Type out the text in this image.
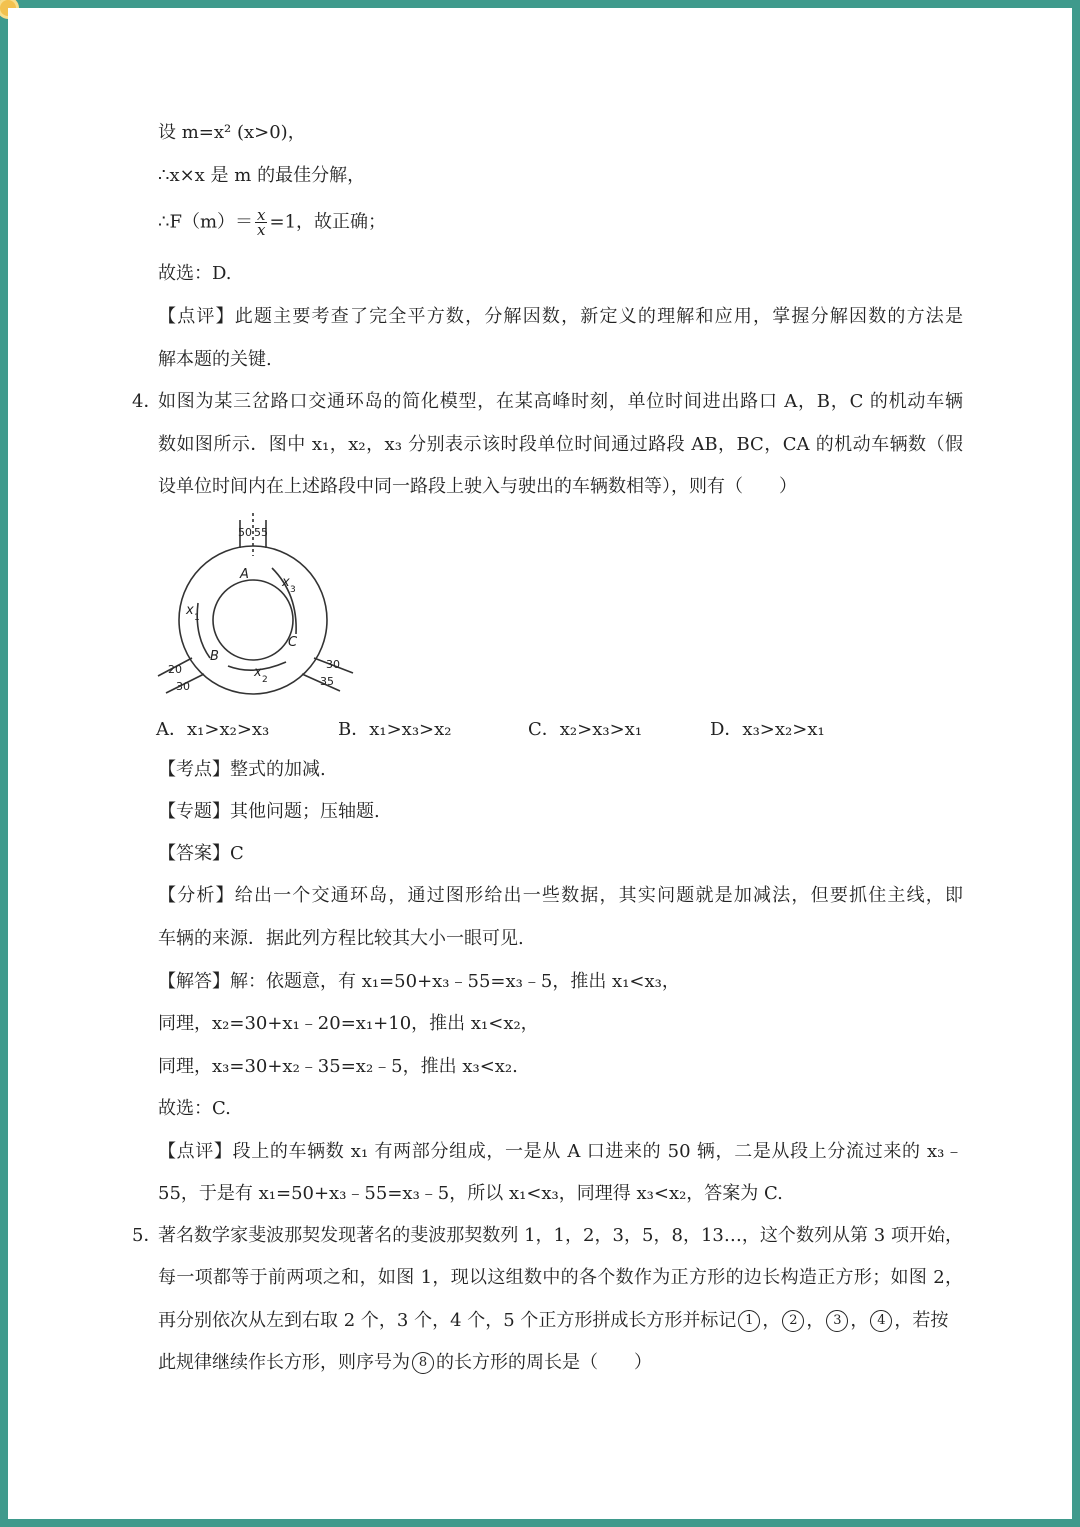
设 m=x² (x>0)，
∴x×x 是 m 的最佳分解，
∴F（m）＝ $\frac{x}{x} =1$，故正确；
故选：D.
【点评】此题主要考查了完全平方数，分解因数，新定义的理解和应用，掌握分解因数的方法是
解本题的关键.
4．
如图为某三岔路口交通环岛的简化模型，在某高峰时刻，单位时间进出路口 A，B，C 的机动车辆
数如图所示．图中 x₁，x₂，x₃ 分别表示该时段单位时间通过路段 AB，BC，CA 的机动车辆数（假
设单位时间内在上述路段中同一路段上驶入与驶出的车辆数相等），则有（　　）
50 55
A
B
C
x 1
x 2
x 3
20
30
30
35
A．x₁>x₂>x₃	B．x₁>x₃>x₂	C．x₂>x₃>x₁	D．x₃>x₂>x₁
【考点】整式的加减.
【专题】其他问题；压轴题.
【答案】C
【分析】给出一个交通环岛，通过图形给出一些数据，其实问题就是加减法，但要抓住主线，即
车辆的来源．据此列方程比较其大小一眼可见.
【解答】解：依题意，有 x₁=50+x₃﹣55=x₃﹣5，推出 x₁<x₃，
同理，x₂=30+x₁﹣20=x₁+10，推出 x₁<x₂，
同理，x₃=30+x₂﹣35=x₂﹣5，推出 x₃<x₂.
故选：C.
【点评】段上的车辆数 x₁ 有两部分组成，一是从 A 口进来的 50 辆，二是从段上分流过来的 x₃﹣
55，于是有 x₁=50+x₃﹣55=x₃﹣5，所以 x₁<x₃，同理得 x₃<x₂，答案为 C.
5．
著名数学家斐波那契发现著名的斐波那契数列 1，1，2，3，5，8，13…，这个数列从第 3 项开始，
每一项都等于前两项之和，如图 1，现以这组数中的各个数作为正方形的边长构造正方形；如图 2，
再分别依次从左到右取 2 个，3 个，4 个，5 个正方形拼成长方形并标记 1 ， 2 ， 3 ， 4 ，若按
此规律继续作长方形，则序号为 8 的长方形的周长是（　　）
